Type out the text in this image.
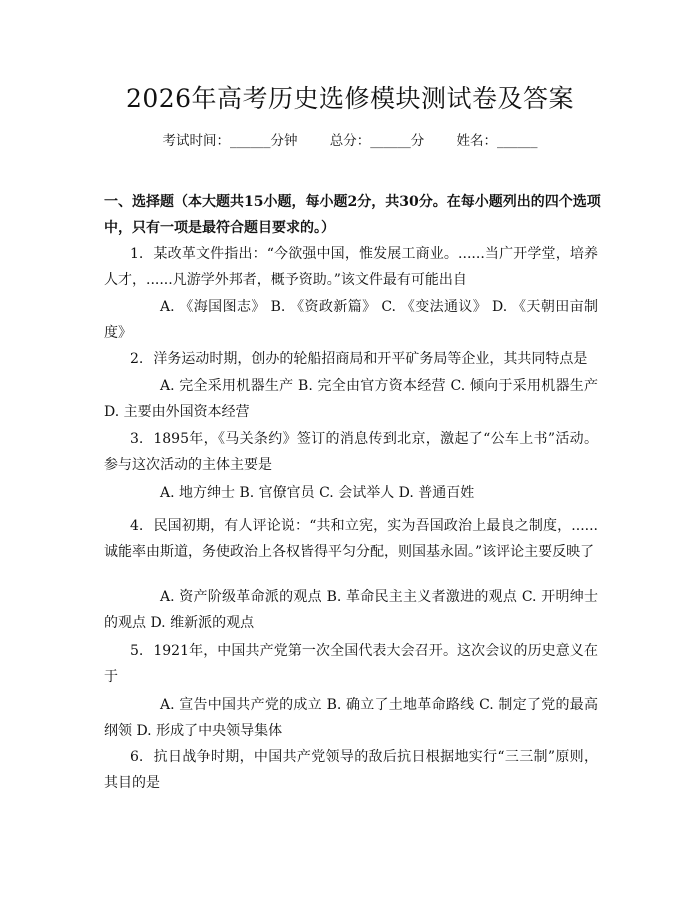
2026年高考历史选修模块测试卷及答案
考试时间：______分钟 总分：______分 姓名：______
一、选择题（本大题共15小题，每小题2分，共30分。在每小题列出的四个选项中，只有一项是最符合题目要求的。）
1. 某改革文件指出：“今欲强中国，惟发展工商业。......当广开学堂，培养人才，......凡游学外邦者，概予资助。”该文件最有可能出自
A. 《海国图志》 B. 《资政新篇》 C. 《变法通议》 D. 《天朝田亩制度》
2. 洋务运动时期，创办的轮船招商局和开平矿务局等企业，其共同特点是
A. 完全采用机器生产 B. 完全由官方资本经营 C. 倾向于采用机器生产 D. 主要由外国资本经营
3. 1895年，《马关条约》签订的消息传到北京，激起了“公车上书”活动。参与这次活动的主体主要是
A. 地方绅士 B. 官僚官员 C. 会试举人 D. 普通百姓
4. 民国初期，有人评论说：“共和立宪，实为吾国政治上最良之制度，......诚能率由斯道，务使政治上各权皆得平匀分配，则国基永固。”该评论主要反映了
A. 资产阶级革命派的观点 B. 革命民主主义者激进的观点 C. 开明绅士的观点 D. 维新派的观点
5. 1921年，中国共产党第一次全国代表大会召开。这次会议的历史意义在于
A. 宣告中国共产党的成立 B. 确立了土地革命路线 C. 制定了党的最高纲领 D. 形成了中央领导集体
6. 抗日战争时期，中国共产党领导的敌后抗日根据地实行“三三制”原则，其目的是
